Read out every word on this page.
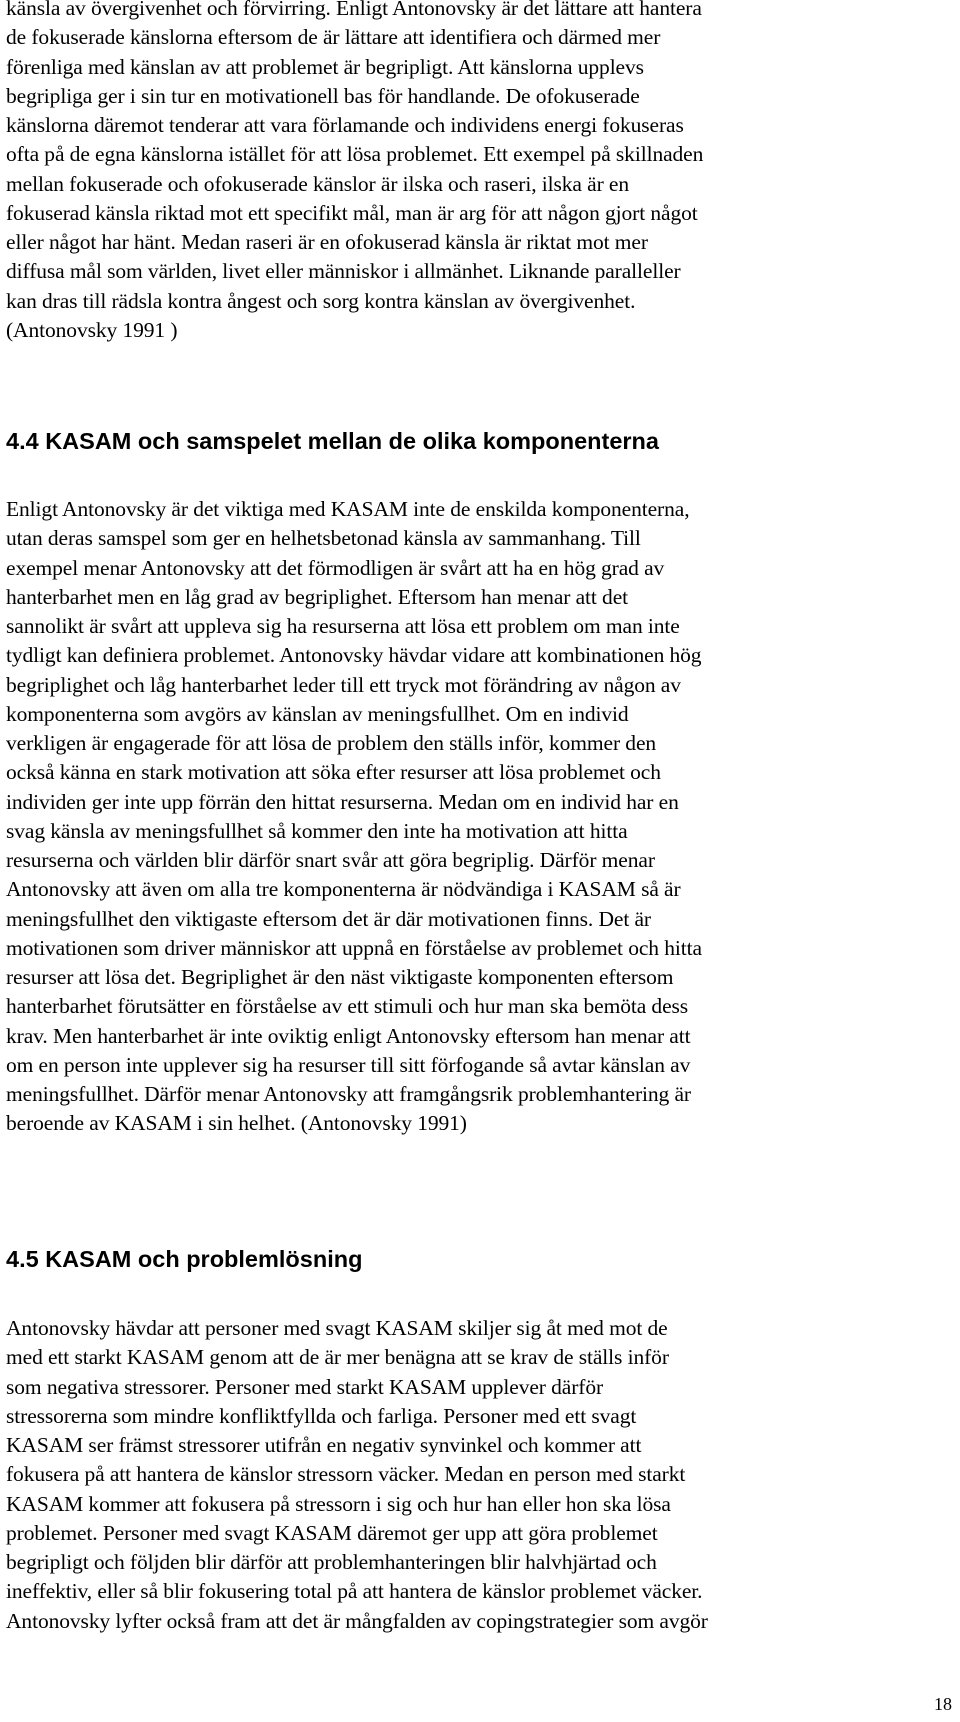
känsla av övergivenhet och förvirring. Enligt Antonovsky är det lättare att hantera
de fokuserade känslorna eftersom de är lättare att identifiera och därmed mer
förenliga med känslan av att problemet är begripligt. Att känslorna upplevs
begripliga ger i sin tur en motivationell bas för handlande. De ofokuserade
känslorna däremot tenderar att vara förlamande och individens energi fokuseras
ofta på de egna känslorna istället för att lösa problemet. Ett exempel på skillnaden
mellan fokuserade och ofokuserade känslor är ilska och raseri, ilska är en
fokuserad känsla riktad mot ett specifikt mål, man är arg för att någon gjort något
eller något har hänt. Medan raseri är en ofokuserad känsla är riktat mot mer
diffusa mål som världen, livet eller människor i allmänhet. Liknande paralleller
kan dras till rädsla kontra ångest och sorg kontra känslan av övergivenhet.
(Antonovsky 1991 )
4.4 KASAM och samspelet mellan de olika komponenterna
Enligt Antonovsky är det viktiga med KASAM inte de enskilda komponenterna,
utan deras samspel som ger en helhetsbetonad känsla av sammanhang. Till
exempel menar Antonovsky att det förmodligen är svårt att ha en hög grad av
hanterbarhet men en låg grad av begriplighet. Eftersom han menar att det
sannolikt är svårt att uppleva sig ha resurserna att lösa ett problem om man inte
tydligt kan definiera problemet. Antonovsky hävdar vidare att kombinationen hög
begriplighet och låg hanterbarhet leder till ett tryck mot förändring av någon av
komponenterna som avgörs av känslan av meningsfullhet. Om en individ
verkligen är engagerade för att lösa de problem den ställs inför, kommer den
också känna en stark motivation att söka efter resurser att lösa problemet och
individen ger inte upp förrän den hittat resurserna. Medan om en individ har en
svag känsla av meningsfullhet så kommer den inte ha motivation att hitta
resurserna och världen blir därför snart svår att göra begriplig. Därför menar
Antonovsky att även om alla tre komponenterna är nödvändiga i KASAM så är
meningsfullhet den viktigaste eftersom det är där motivationen finns. Det är
motivationen som driver människor att uppnå en förståelse av problemet och hitta
resurser att lösa det. Begriplighet är den näst viktigaste komponenten eftersom
hanterbarhet förutsätter en förståelse av ett stimuli och hur man ska bemöta dess
krav. Men hanterbarhet är inte oviktig enligt Antonovsky eftersom han menar att
om en person inte upplever sig ha resurser till sitt förfogande så avtar känslan av
meningsfullhet. Därför menar Antonovsky att framgångsrik problemhantering är
beroende av KASAM i sin helhet. (Antonovsky 1991)
4.5 KASAM och problemlösning
Antonovsky hävdar att personer med svagt KASAM skiljer sig åt med mot de
med ett starkt KASAM genom att de är mer benägna att se krav de ställs inför
som negativa stressorer. Personer med starkt KASAM upplever därför
stressorerna som mindre konfliktfyllda och farliga. Personer med ett svagt
KASAM ser främst stressorer utifrån en negativ synvinkel och kommer att
fokusera på att hantera de känslor stressorn väcker. Medan en person med starkt
KASAM kommer att fokusera på stressorn i sig och hur han eller hon ska lösa
problemet. Personer med svagt KASAM däremot ger upp att göra problemet
begripligt och följden blir därför att problemhanteringen blir halvhjärtad och
ineffektiv, eller så blir fokusering total på att hantera de känslor problemet väcker.
Antonovsky lyfter också fram att det är mångfalden av copingstrategier som avgör
18
